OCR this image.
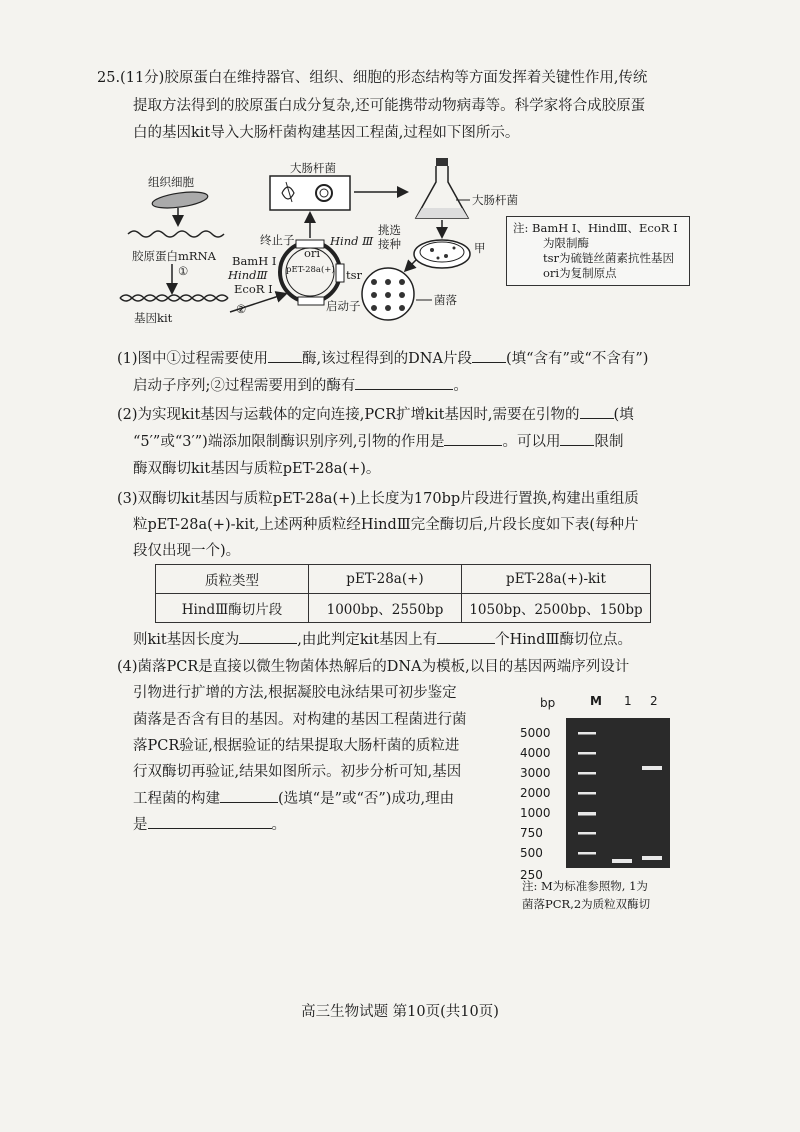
25.(11分)胶原蛋白在维持器官、组织、细胞的形态结构等方面发挥着关键性作用,传统
提取方法得到的胶原蛋白成分复杂,还可能携带动物病毒等。科学家将合成胶原蛋
白的基因kit导入大肠杆菌构建基因工程菌,过程如下图所示。
组织细胞
胶原蛋白mRNA
①
②
基因kit
终止子
ori
Hind Ⅲ
BamH Ⅰ
HindⅢ
EcoR Ⅰ
pET-28a(+) tsr
启动子
大肠杆菌
大肠杆菌
挑选
接种	甲
菌落
注: BamH Ⅰ、HindⅢ、EcoR Ⅰ
为限制酶
tsr为硫链丝菌素抗性基因
ori为复制原点
(1)图中①过程需要使用 酶,该过程得到的DNA片段 (填“含有”或“不含有”)
启动子序列;②过程需要用到的酶有	。
(2)为实现kit基因与运载体的定向连接,PCR扩增kit基因时,需要在引物的 (填
“5′”或“3′”)端添加限制酶识别序列,引物的作用是	。可以用 限制
酶双酶切kit基因与质粒pET-28a(+)。
(3)双酶切kit基因与质粒pET-28a(+)上长度为170bp片段进行置换,构建出重组质
粒pET-28a(+)-kit,上述两种质粒经HindⅢ完全酶切后,片段长度如下表(每种片
段仅出现一个)。
质粒类型	pET-28a(+)	pET-28a(+)-kit
HindⅢ酶切片段	1000bp、2550bp	1050bp、2500bp、150bp
则kit基因长度为	,由此判定kit基因上有	个HindⅢ酶切位点。
(4)菌落PCR是直接以微生物菌体热解后的DNA为模板,以目的基因两端序列设计
引物进行扩增的方法,根据凝胶电泳结果可初步鉴定
菌落是否含有目的基因。对构建的基因工程菌进行菌
落PCR验证,根据验证的结果提取大肠杆菌的质粒进
行双酶切再验证,结果如图所示。初步分析可知,基因
工程菌的构建	(选填“是”或“否”)成功,理由
是	。
bp	M 1 2
5000
4000
3000
2000
1000
750
500
250
注: M为标准参照物, 1为
菌落PCR,2为质粒双酶切
高三生物试题 第10页(共10页)
